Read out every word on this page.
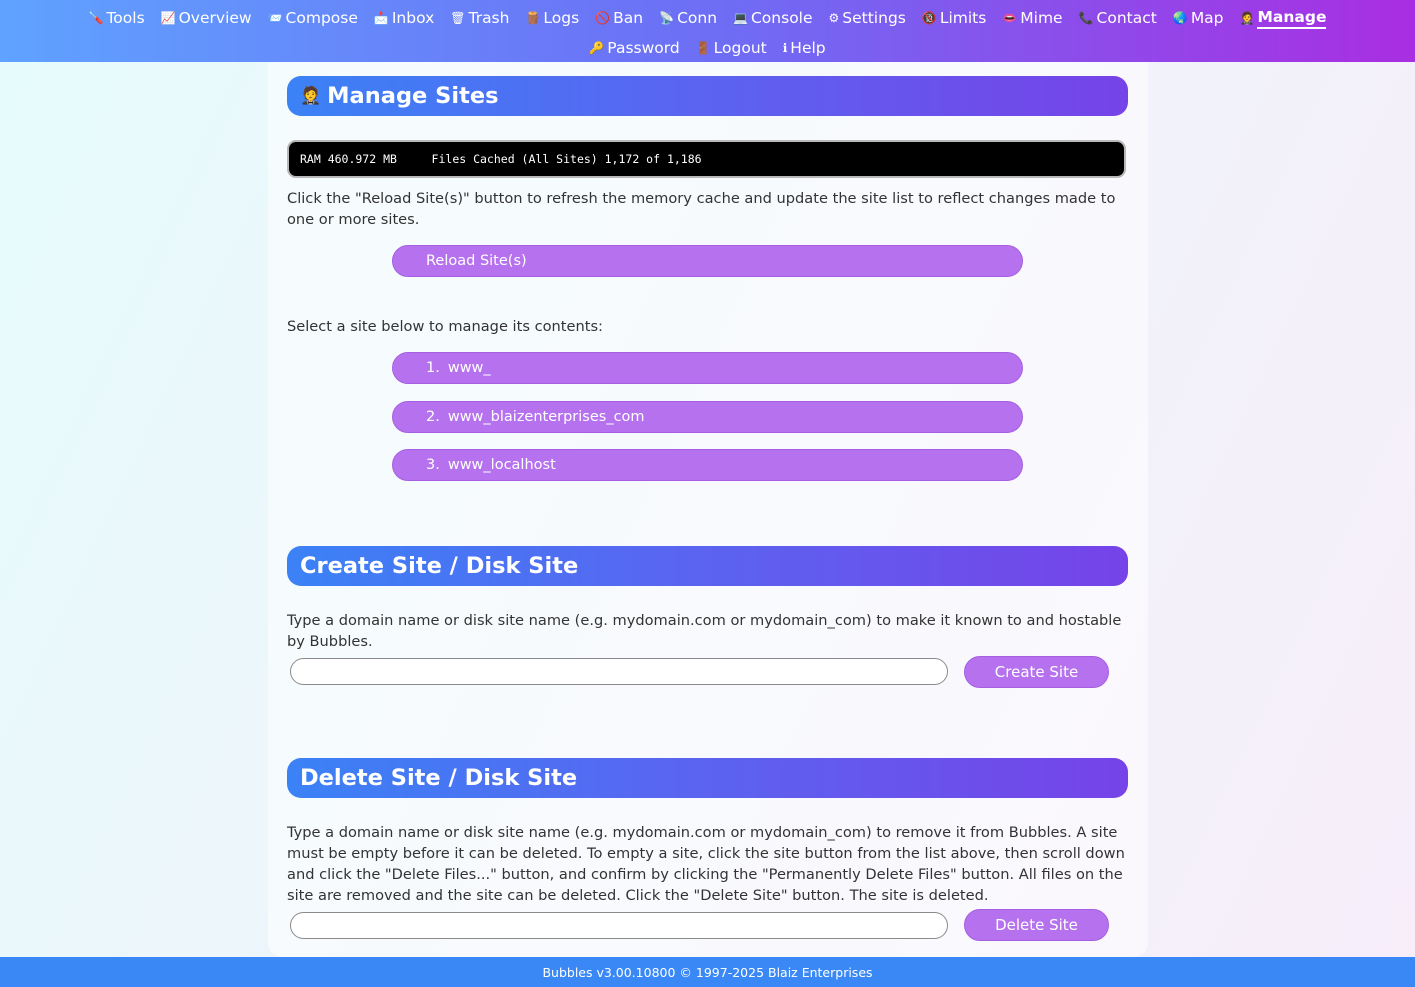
🪛 Tools 📈 Overview 📨 Compose 📩 Inbox 🗑 Trash 🪵 Logs 🚫 Ban 📡 Conn 💻 Console ⚙ Settings 🔞 Limits 👄 Mime 📞 Contact 🌏 Map 🤵 Manage
🔑 Password 🚪 Logout ℹ Help
🤵 Manage Sites
RAM 460.972 MB     Files Cached (All Sites) 1,172 of 1,186

Click the "Reload Site(s)" button to refresh the memory cache and update the site list to reflect changes made to one or more sites.

Reload Site(s)

Select a site below to manage its contents:

1. www_
2. www_blaizenterprises_com
3. www_localhost
Create Site / Disk Site

Type a domain name or disk site name (e.g. mydomain.com or mydomain_com) to make it known to and hostable by Bubbles.

Create Site
Delete Site / Disk Site

Type a domain name or disk site name (e.g. mydomain.com or mydomain_com) to remove it from Bubbles. A site must be empty before it can be deleted. To empty a site, click the site button from the list above, then scroll down and click the "Delete Files..." button, and confirm by clicking the "Permanently Delete Files" button. All files on the site are removed and the site can be deleted. Click the "Delete Site" button. The site is deleted.

Delete Site
Bubbles v3.00.10800 © 1997-2025 Blaiz Enterprises
